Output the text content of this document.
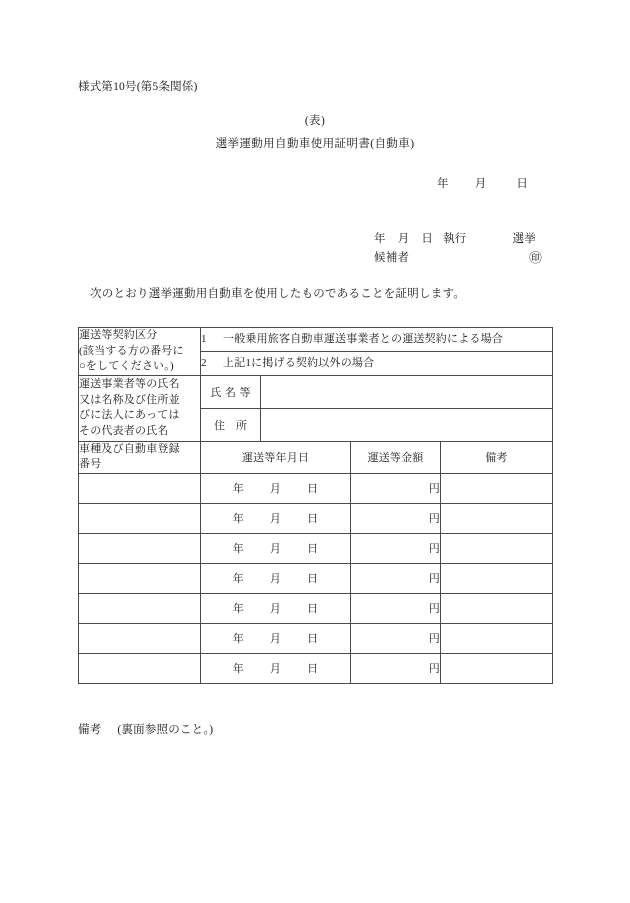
様式第10号(第5条関係)
(表)
選挙運動用自動車使用証明書(自動車)
年 月	日
年 月 日 執行	選挙
候補者	㊞
次のとおり選挙運動用自動車を使用したものであることを証明します。
運送等契約区分
(該当する方の番号に
○をしてください。)	1 一般乗用旅客自動車運送事業者との運送契約による場合			
	2 上記1に掲げる契約以外の場合			

運送事業者等の氏名
又は名称及び住所並
びに法人にあっては
その代表者の氏名	氏名等			
	住所			

車種及び自動車登録
番号	運送等年月日		運送等金額	備考
	年 月 日		円	
	年 月 日		円	
	年 月 日		円	
	年 月 日		円	
	年 月 日		円	
	年 月 日		円	
	年 月 日		円	
備考 (裏面参照のこと。)
